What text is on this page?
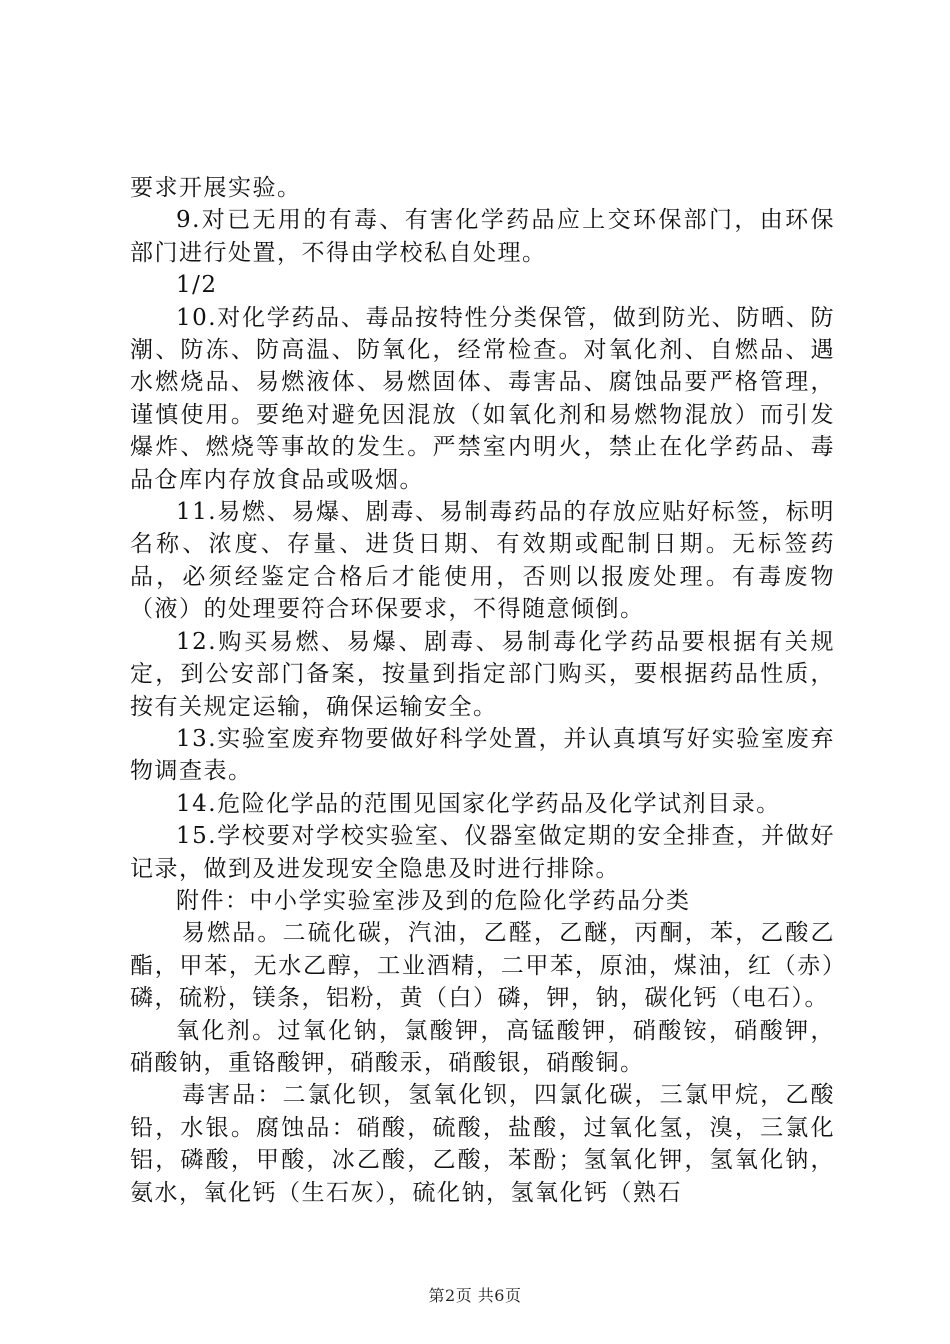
要求开展实验。

9.对已无用的有毒、有害化学药品应上交环保部门，由环保部门进行处置，不得由学校私自处理。

1/2

10.对化学药品、毒品按特性分类保管，做到防光、防晒、防潮、防冻、防高温、防氧化，经常检查。对氧化剂、自燃品、遇水燃烧品、易燃液体、易燃固体、毒害品、腐蚀品要严格管理，谨慎使用。要绝对避免因混放（如氧化剂和易燃物混放）而引发爆炸、燃烧等事故的发生。严禁室内明火，禁止在化学药品、毒品仓库内存放食品或吸烟。

11.易燃、易爆、剧毒、易制毒药品的存放应贴好标签，标明名称、浓度、存量、进货日期、有效期或配制日期。无标签药品，必须经鉴定合格后才能使用，否则以报废处理。有毒废物（液）的处理要符合环保要求，不得随意倾倒。

12.购买易燃、易爆、剧毒、易制毒化学药品要根据有关规定，到公安部门备案，按量到指定部门购买，要根据药品性质，按有关规定运输，确保运输安全。

13.实验室废弃物要做好科学处置，并认真填写好实验室废弃物调查表。

14.危险化学品的范围见国家化学药品及化学试剂目录。

15.学校要对学校实验室、仪器室做定期的安全排查，并做好记录，做到及进发现安全隐患及时进行排除。

附件：中小学实验室涉及到的危险化学药品分类

易燃品。二硫化碳，汽油，乙醛，乙醚，丙酮，苯，乙酸乙酯，甲苯，无水乙醇，工业酒精，二甲苯，原油，煤油，红（赤）磷，硫粉，镁条，铝粉，黄（白）磷，钾，钠，碳化钙（电石）。

氧化剂。过氧化钠，氯酸钾，高锰酸钾，硝酸铵，硝酸钾，硝酸钠，重铬酸钾，硝酸汞，硝酸银，硝酸铜。

毒害品：二氯化钡，氢氧化钡，四氯化碳，三氯甲烷，乙酸铅，水银。腐蚀品：硝酸，硫酸，盐酸，过氧化氢，溴，三氯化铝，磷酸，甲酸，冰乙酸，乙酸，苯酚；氢氧化钾，氢氧化钠，氨水，氧化钙（生石灰），硫化钠，氢氧化钙（熟石

第2页 共6页
